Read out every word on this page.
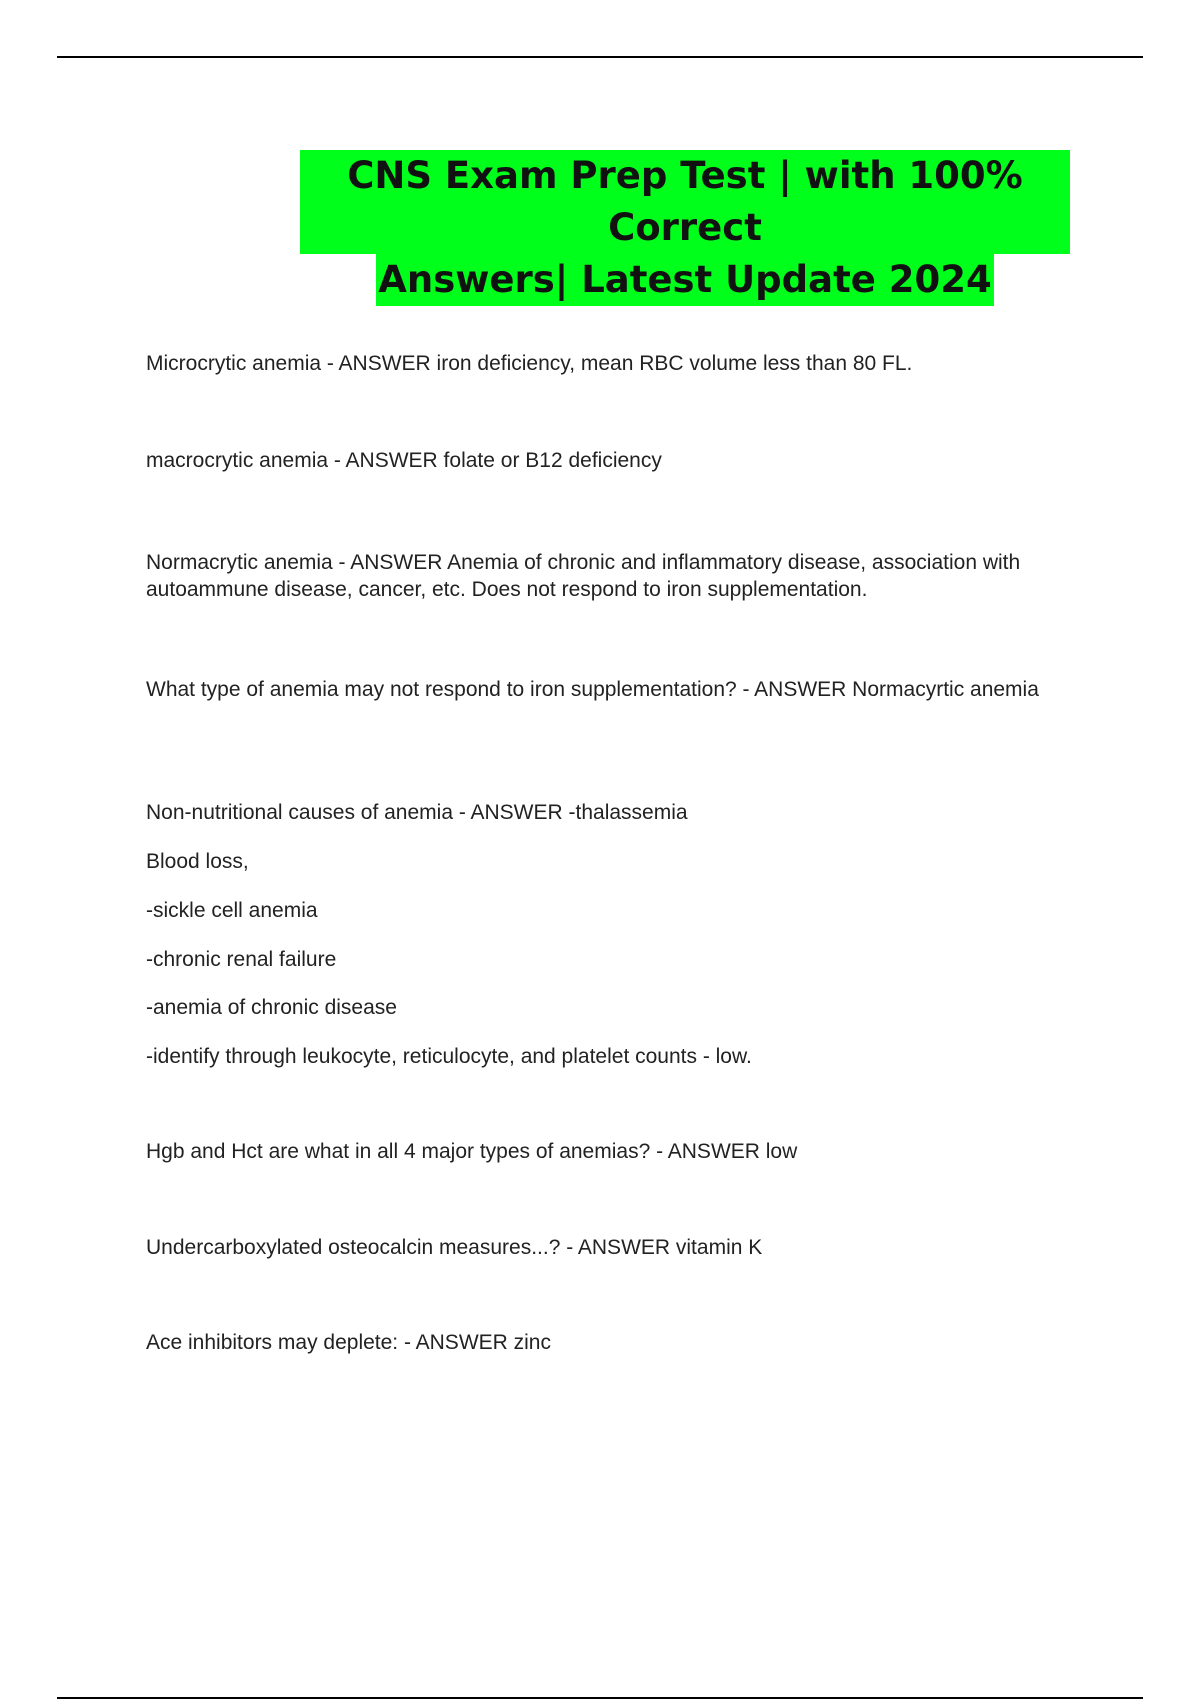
CNS Exam Prep Test | with 100% Correct
Answers| Latest Update 2024

Microcrytic anemia - ANSWER iron deficiency, mean RBC volume less than 80 FL.

macrocrytic anemia - ANSWER folate or B12 deficiency

Normacrytic anemia - ANSWER Anemia of chronic and inflammatory disease, association with autoammune disease, cancer, etc. Does not respond to iron supplementation.

What type of anemia may not respond to iron supplementation? - ANSWER Normacyrtic anemia

Non-nutritional causes of anemia - ANSWER -thalassemia

Blood loss,

-sickle cell anemia

-chronic renal failure

-anemia of chronic disease

-identify through leukocyte, reticulocyte, and platelet counts - low.

Hgb and Hct are what in all 4 major types of anemias? - ANSWER low

Undercarboxylated osteocalcin measures...? - ANSWER vitamin K

Ace inhibitors may deplete: - ANSWER zinc
